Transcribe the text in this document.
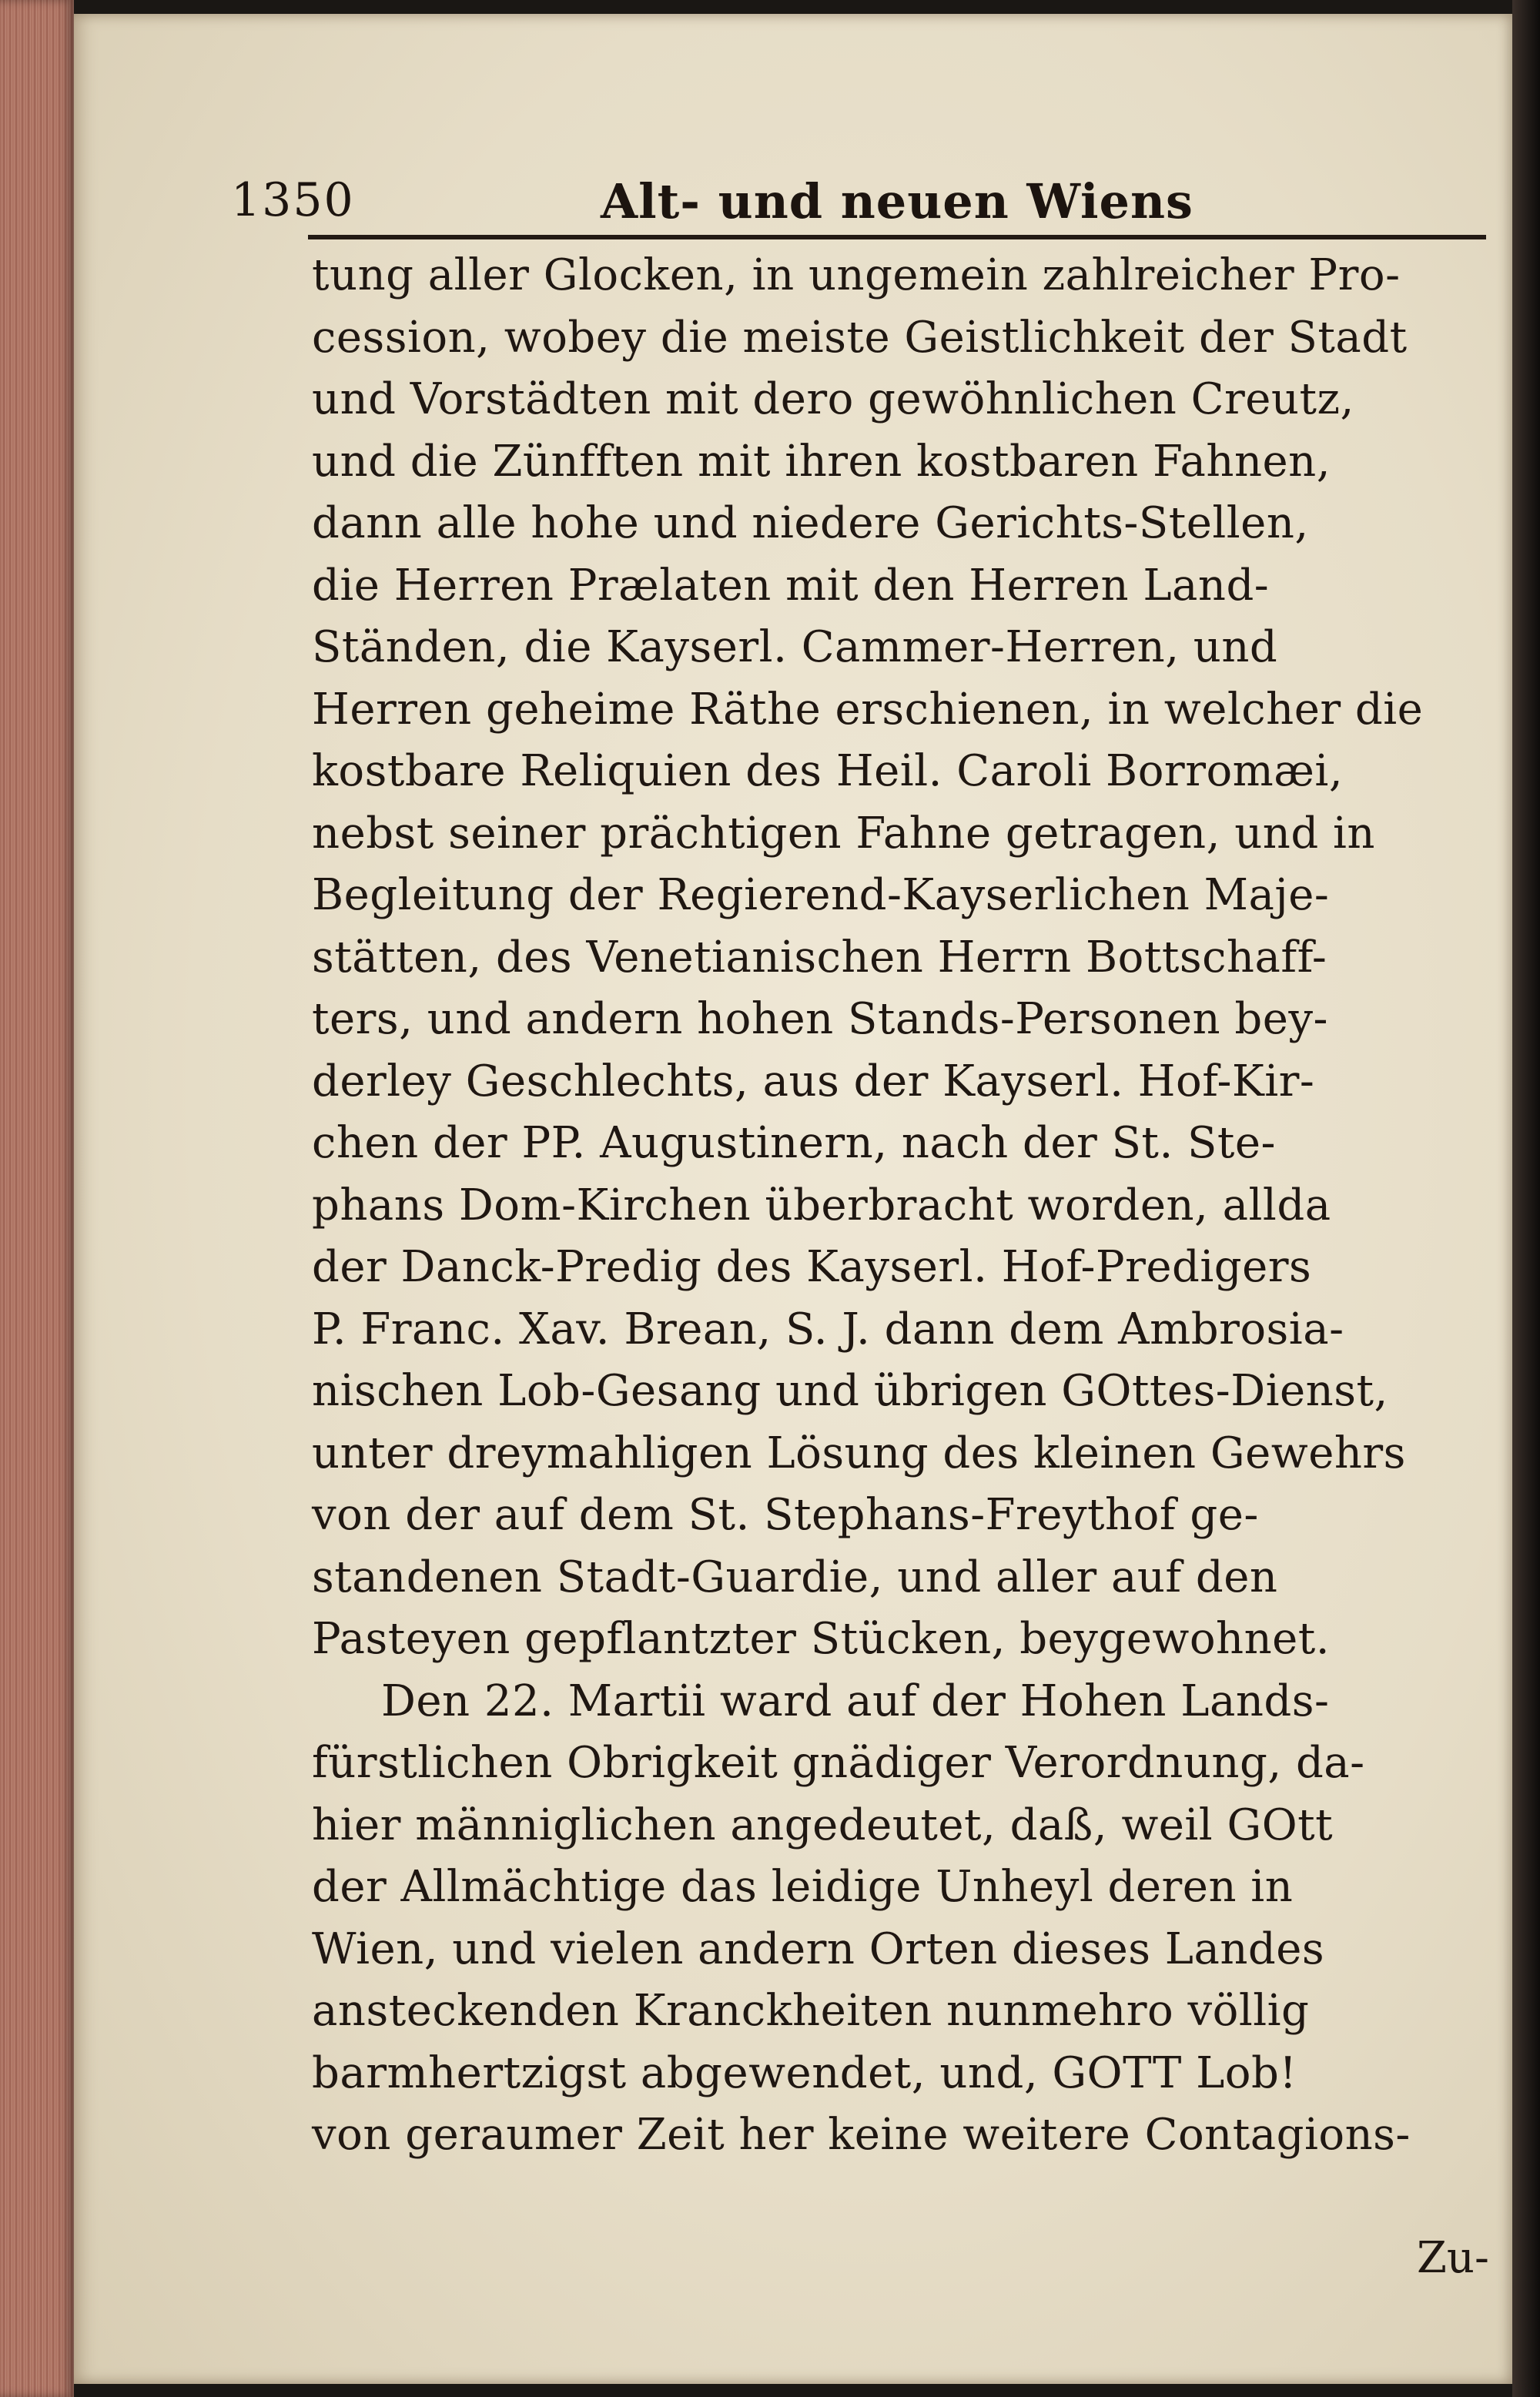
1350	Alt- und neuen Wiens
tung aller Glocken, in ungemein zahlreicher Pro-
cession, wobey die meiste Geistlichkeit der Stadt
und Vorstädten mit dero gewöhnlichen Creutz,
und die Zünfften mit ihren kostbaren Fahnen,
dann alle hohe und niedere Gerichts-Stellen,
die Herren Prælaten mit den Herren Land-
Ständen, die Kayserl. Cammer-Herren, und
Herren geheime Räthe erschienen, in welcher die
kostbare Reliquien des Heil. Caroli Borromæi,
nebst seiner prächtigen Fahne getragen, und in
Begleitung der Regierend-Kayserlichen Maje-
stätten, des Venetianischen Herrn Bottschaff-
ters, und andern hohen Stands-Personen bey-
derley Geschlechts, aus der Kayserl. Hof-Kir-
chen der PP. Augustinern, nach der St. Ste-
phans Dom-Kirchen überbracht worden, allda
der Danck-Predig des Kayserl. Hof-Predigers
P. Franc. Xav. Brean, S. J. dann dem Ambrosia-
nischen Lob-Gesang und übrigen GOttes-Dienst,
unter dreymahligen Lösung des kleinen Gewehrs
von der auf dem St. Stephans-Freythof ge-
standenen Stadt-Guardie, und aller auf den
Pasteyen gepflantzter Stücken, beygewohnet.
Den 22. Martii ward auf der Hohen Lands-
fürstlichen Obrigkeit gnädiger Verordnung, da-
hier männiglichen angedeutet, daß, weil GOtt
der Allmächtige das leidige Unheyl deren in
Wien, und vielen andern Orten dieses Landes
ansteckenden Kranckheiten nunmehro völlig
barmhertzigst abgewendet, und, GOTT Lob!
von geraumer Zeit her keine weitere Contagions-
Zu-
